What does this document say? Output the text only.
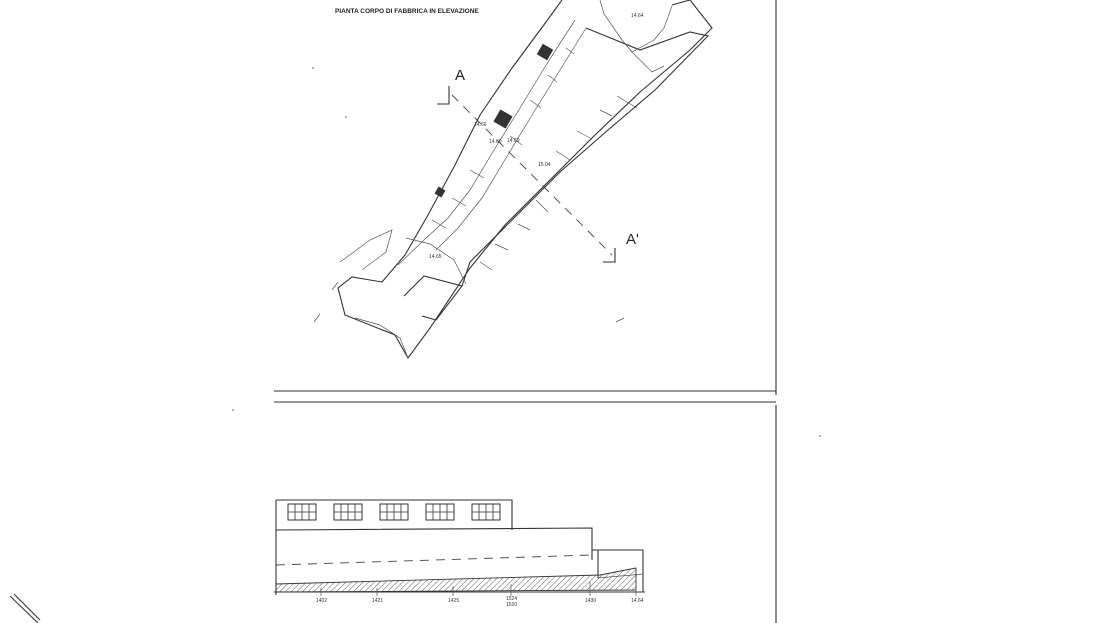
PIANTA CORPO DI FABBRICA IN ELEVAZIONE
A
A'
14.64
14.66
14.60 14.69
15.04
14.65
1402	1421	1425	1524
1520
1430	14.64
